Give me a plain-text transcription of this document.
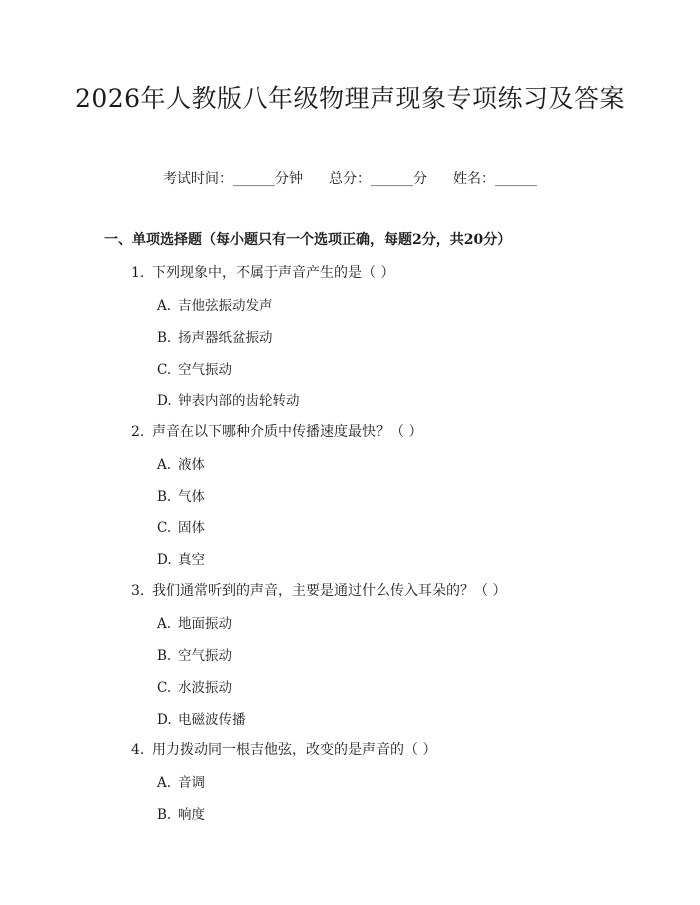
2026年人教版八年级物理声现象专项练习及答案
考试时间：______分钟 总分：______分 姓名：______
一、单项选择题（每小题只有一个选项正确，每题2分，共20分）
1. 下列现象中，不属于声音产生的是（ ）
A. 吉他弦振动发声
B. 扬声器纸盆振动
C. 空气振动
D. 钟表内部的齿轮转动
2. 声音在以下哪种介质中传播速度最快？（ ）
A. 液体
B. 气体
C. 固体
D. 真空
3. 我们通常听到的声音，主要是通过什么传入耳朵的？（ ）
A. 地面振动
B. 空气振动
C. 水波振动
D. 电磁波传播
4. 用力拨动同一根吉他弦，改变的是声音的（ ）
A. 音调
B. 响度
